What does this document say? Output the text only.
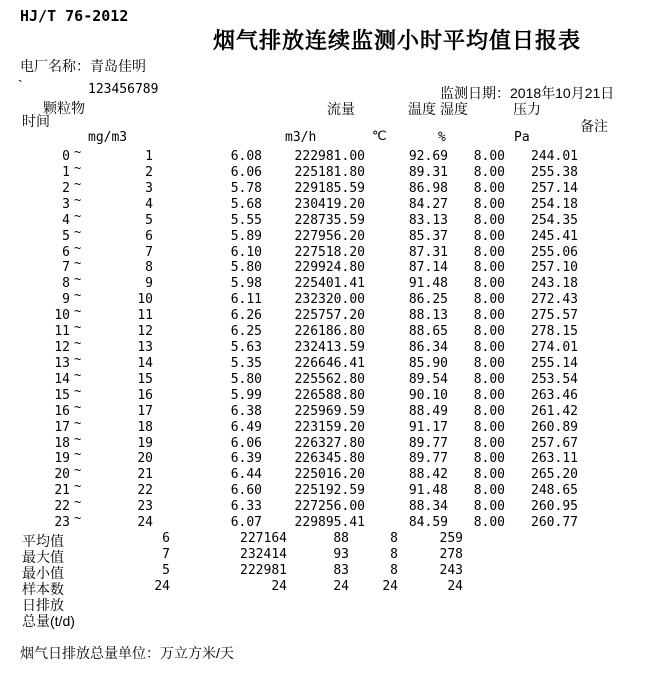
HJ/T 76-2012
烟气排放连续监测小时平均值日报表
电厂名称：青岛佳明
`	123456789	监测日期：2018年10月21日
颗粒物
时间
流量	温度 湿度	压力
备注
mg/m3	m3/h	℃	%	Pa
0 ~	1	6.08	222981.00	92.69	8.00	244.01
1 ~	2	6.06	225181.80	89.31	8.00	255.38
2 ~	3	5.78	229185.59	86.98	8.00	257.14
3 ~	4	5.68	230419.20	84.27	8.00	254.18
4 ~	5	5.55	228735.59	83.13	8.00	254.35
5 ~	6	5.89	227956.20	85.37	8.00	245.41
6 ~	7	6.10	227518.20	87.31	8.00	255.06
7 ~	8	5.80	229924.80	87.14	8.00	257.10
8 ~	9	5.98	225401.41	91.48	8.00	243.18
9 ~	10	6.11	232320.00	86.25	8.00	272.43
10 ~	11	6.26	225757.20	88.13	8.00	275.57
11 ~	12	6.25	226186.80	88.65	8.00	278.15
12 ~	13	5.63	232413.59	86.34	8.00	274.01
13 ~	14	5.35	226646.41	85.90	8.00	255.14
14 ~	15	5.80	225562.80	89.54	8.00	253.54
15 ~	16	5.99	226588.80	90.10	8.00	263.46
16 ~	17	6.38	225969.59	88.49	8.00	261.42
17 ~	18	6.49	223159.20	91.17	8.00	260.89
18 ~	19	6.06	226327.80	89.77	8.00	257.67
19 ~	20	6.39	226345.80	89.77	8.00	263.11
20 ~	21	6.44	225016.20	88.42	8.00	265.20
21 ~	22	6.60	225192.59	91.48	8.00	248.65
22 ~	23	6.33	227256.00	88.34	8.00	260.95
23 ~	24	6.07	229895.41	84.59	8.00	260.77
平均值	6	227164	88	8	259
最大值	7	232414	93	8	278
最小值	5	222981	83	8	243
样本数	24	24	24	24	24
日排放
总量(t/d)
烟气日排放总量单位：万立方米/天
